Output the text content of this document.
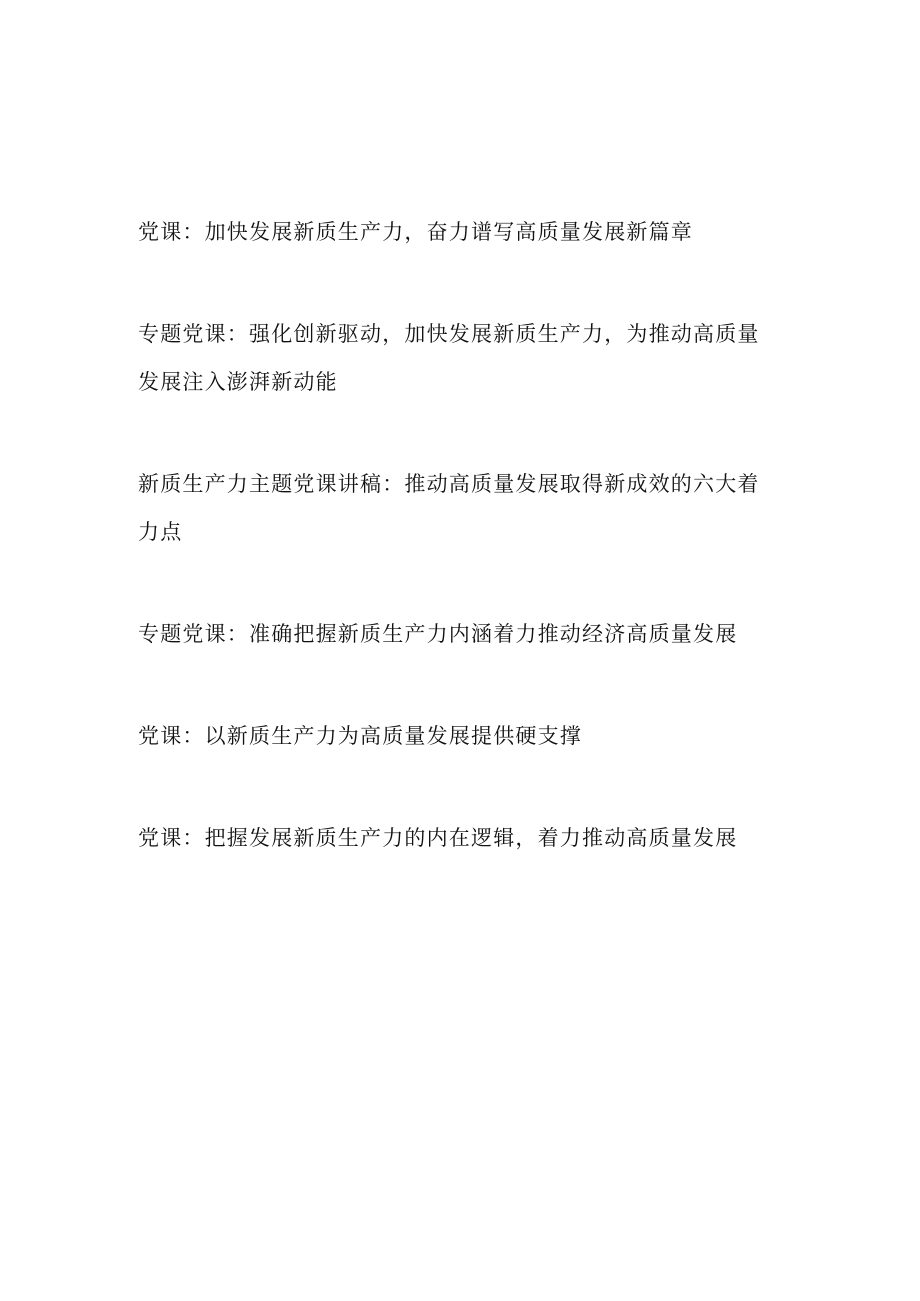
党课：加快发展新质生产力，奋力谱写高质量发展新篇章

专题党课：强化创新驱动，加快发展新质生产力，为推动高质量发展注入澎湃新动能

新质生产力主题党课讲稿：推动高质量发展取得新成效的六大着力点

专题党课：准确把握新质生产力内涵着力推动经济高质量发展

党课：以新质生产力为高质量发展提供硬支撑

党课：把握发展新质生产力的内在逻辑，着力推动高质量发展
